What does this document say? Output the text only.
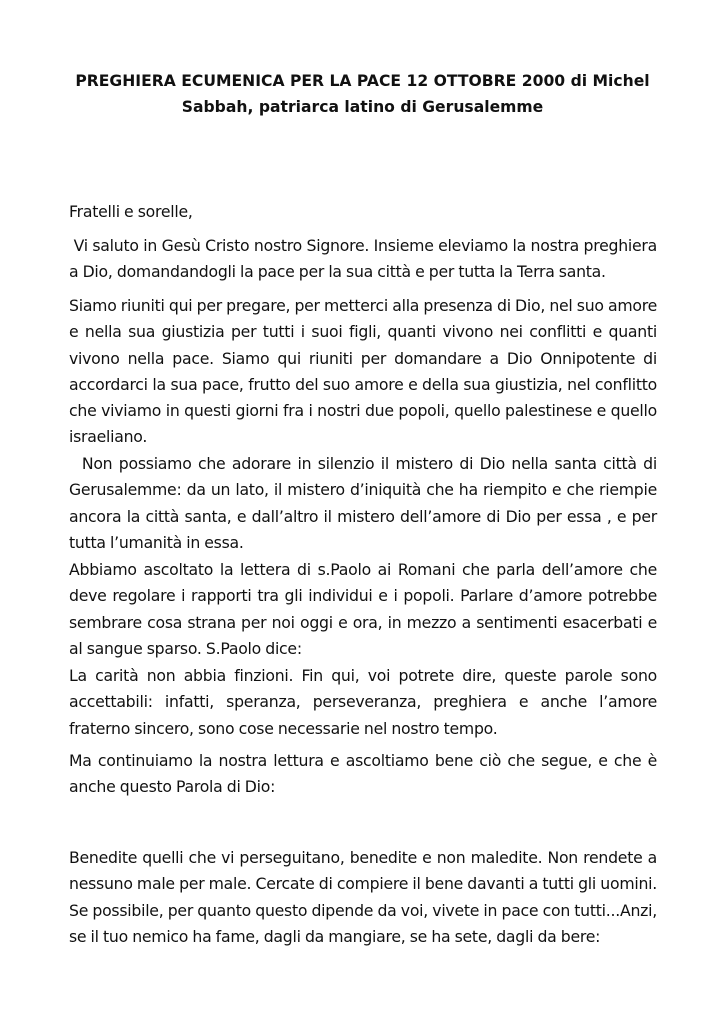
PREGHIERA ECUMENICA PER LA PACE 12 OTTOBRE 2000 di Michel Sabbah, patriarca latino di Gerusalemme

Fratelli e sorelle,

Vi saluto in Gesù Cristo nostro Signore. Insieme eleviamo la nostra preghiera a Dio, domandandogli la pace per la sua città e per tutta la Terra santa.

Siamo riuniti qui per pregare, per metterci alla presenza di Dio, nel suo amore e nella sua giustizia per tutti i suoi figli, quanti vivono nei conflitti e quanti vivono nella pace. Siamo qui riuniti per domandare a Dio Onnipotente di accordarci la sua pace, frutto del suo amore e della sua giustizia, nel conflitto che viviamo in questi giorni fra i nostri due popoli, quello palestinese e quello israeliano.

Non possiamo che adorare in silenzio il mistero di Dio nella santa città di Gerusalemme: da un lato, il mistero d’iniquità che ha riempito e che riempie ancora la città santa, e dall’altro il mistero dell’amore di Dio per essa , e per tutta l’umanità in essa.

Abbiamo ascoltato la lettera di s.Paolo ai Romani che parla dell’amore che deve regolare i rapporti tra gli individui e i popoli. Parlare d’amore potrebbe sembrare cosa strana per noi oggi e ora, in mezzo a sentimenti esacerbati e al sangue sparso. S.Paolo dice:

La carità non abbia finzioni. Fin qui, voi potrete dire, queste parole sono accettabili: infatti, speranza, perseveranza, preghiera e anche l’amore fraterno sincero, sono cose necessarie nel nostro tempo.

Ma continuiamo la nostra lettura e ascoltiamo bene ciò che segue, e che è anche questo Parola di Dio:

Benedite quelli che vi perseguitano, benedite e non maledite. Non rendete a nessuno male per male. Cercate di compiere il bene davanti a tutti gli uomini. Se possibile, per quanto questo dipende da voi, vivete in pace con tutti...Anzi, se il tuo nemico ha fame, dagli da mangiare, se ha sete, dagli da bere:
